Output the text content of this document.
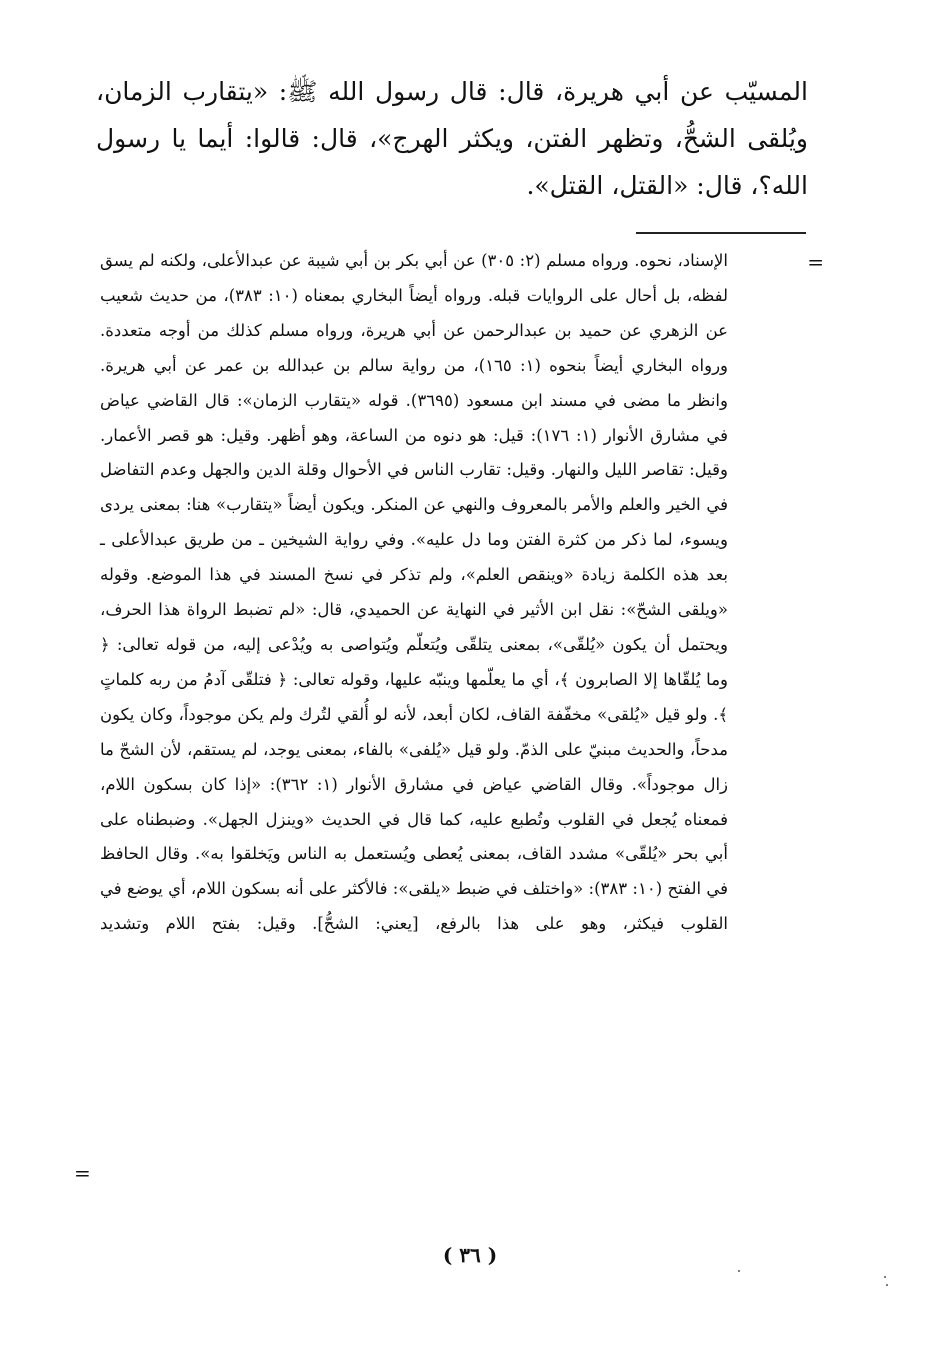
المسيّب عن أبي هريرة، قال: قال رسول الله ﷺ: «يتقارب الزمان، ويُلقى الشحُّ، وتظهر الفتن، ويكثر الهرج»، قال: قالوا: أيما يا رسول الله؟، قال: «القتل، القتل».

=

الإسناد، نحوه. ورواه مسلم (٢: ٣٠٥) عن أبي بكر بن أبي شيبة عن عبدالأعلى، ولكنه لم يسق لفظه، بل أحال على الروايات قبله. ورواه أيضاً البخاري بمعناه (١٠: ٣٨٣)، من حديث شعيب عن الزهري عن حميد بن عبدالرحمن عن أبي هريرة، ورواه مسلم كذلك من أوجه متعددة. ورواه البخاري أيضاً بنحوه (١: ١٦٥)، من رواية سالم بن عبدالله بن عمر عن أبي هريرة. وانظر ما مضى في مسند ابن مسعود (٣٦٩٥). قوله «يتقارب الزمان»: قال القاضي عياض في مشارق الأنوار (١: ١٧٦): قيل: هو دنوه من الساعة، وهو أظهر. وقيل: هو قصر الأعمار. وقيل: تقاصر الليل والنهار. وقيل: تقارب الناس في الأحوال وقلة الدين والجهل وعدم التفاضل في الخير والعلم والأمر بالمعروف والنهي عن المنكر. ويكون أيضاً «يتقارب» هنا: بمعنى يردى ويسوء، لما ذكر من كثرة الفتن وما دل عليه». وفي رواية الشيخين ـ من طريق عبدالأعلى ـ بعد هذه الكلمة زيادة «وينقص العلم»، ولم تذكر في نسخ المسند في هذا الموضع. وقوله «ويلقى الشحّ»: نقل ابن الأثير في النهاية عن الحميدي، قال: «لم تضبط الرواة هذا الحرف، ويحتمل أن يكون «يُلقّى»، بمعنى يتلقّى ويُتعلّم ويُتواصى به ويُدْعى إليه، من قوله تعالى: ﴿ وما يُلقّاها إلا الصابرون ﴾، أي ما يعلّمها وينبّه عليها، وقوله تعالى: ﴿ فتلقّى آدمُ من ربه كلماتٍ ﴾. ولو قيل «يُلقى» مخفّفة القاف، لكان أبعد، لأنه لو أُلقي لتُرك ولم يكن موجوداً، وكان يكون مدحاً، والحديث مبنيّ على الذمّ. ولو قيل «يُلفى» بالفاء، بمعنى يوجد، لم يستقم، لأن الشحّ ما زال موجوداً». وقال القاضي عياض في مشارق الأنوار (١: ٣٦٢): «إذا كان بسكون اللام، فمعناه يُجعل في القلوب وتُطبع عليه، كما قال في الحديث «وينزل الجهل». وضبطناه على أبي بحر «يُلقّى» مشدد القاف، بمعنى يُعطى ويُستعمل به الناس ويَخلقوا به». وقال الحافظ في الفتح (١٠: ٣٨٣): «واختلف في ضبط «يلقى»: فالأكثر على أنه بسكون اللام، أي يوضع في القلوب فيكثر، وهو على هذا بالرفع، [يعني: الشحُّ]. وقيل: بفتح اللام وتشديد

=
( ٣٦ )
